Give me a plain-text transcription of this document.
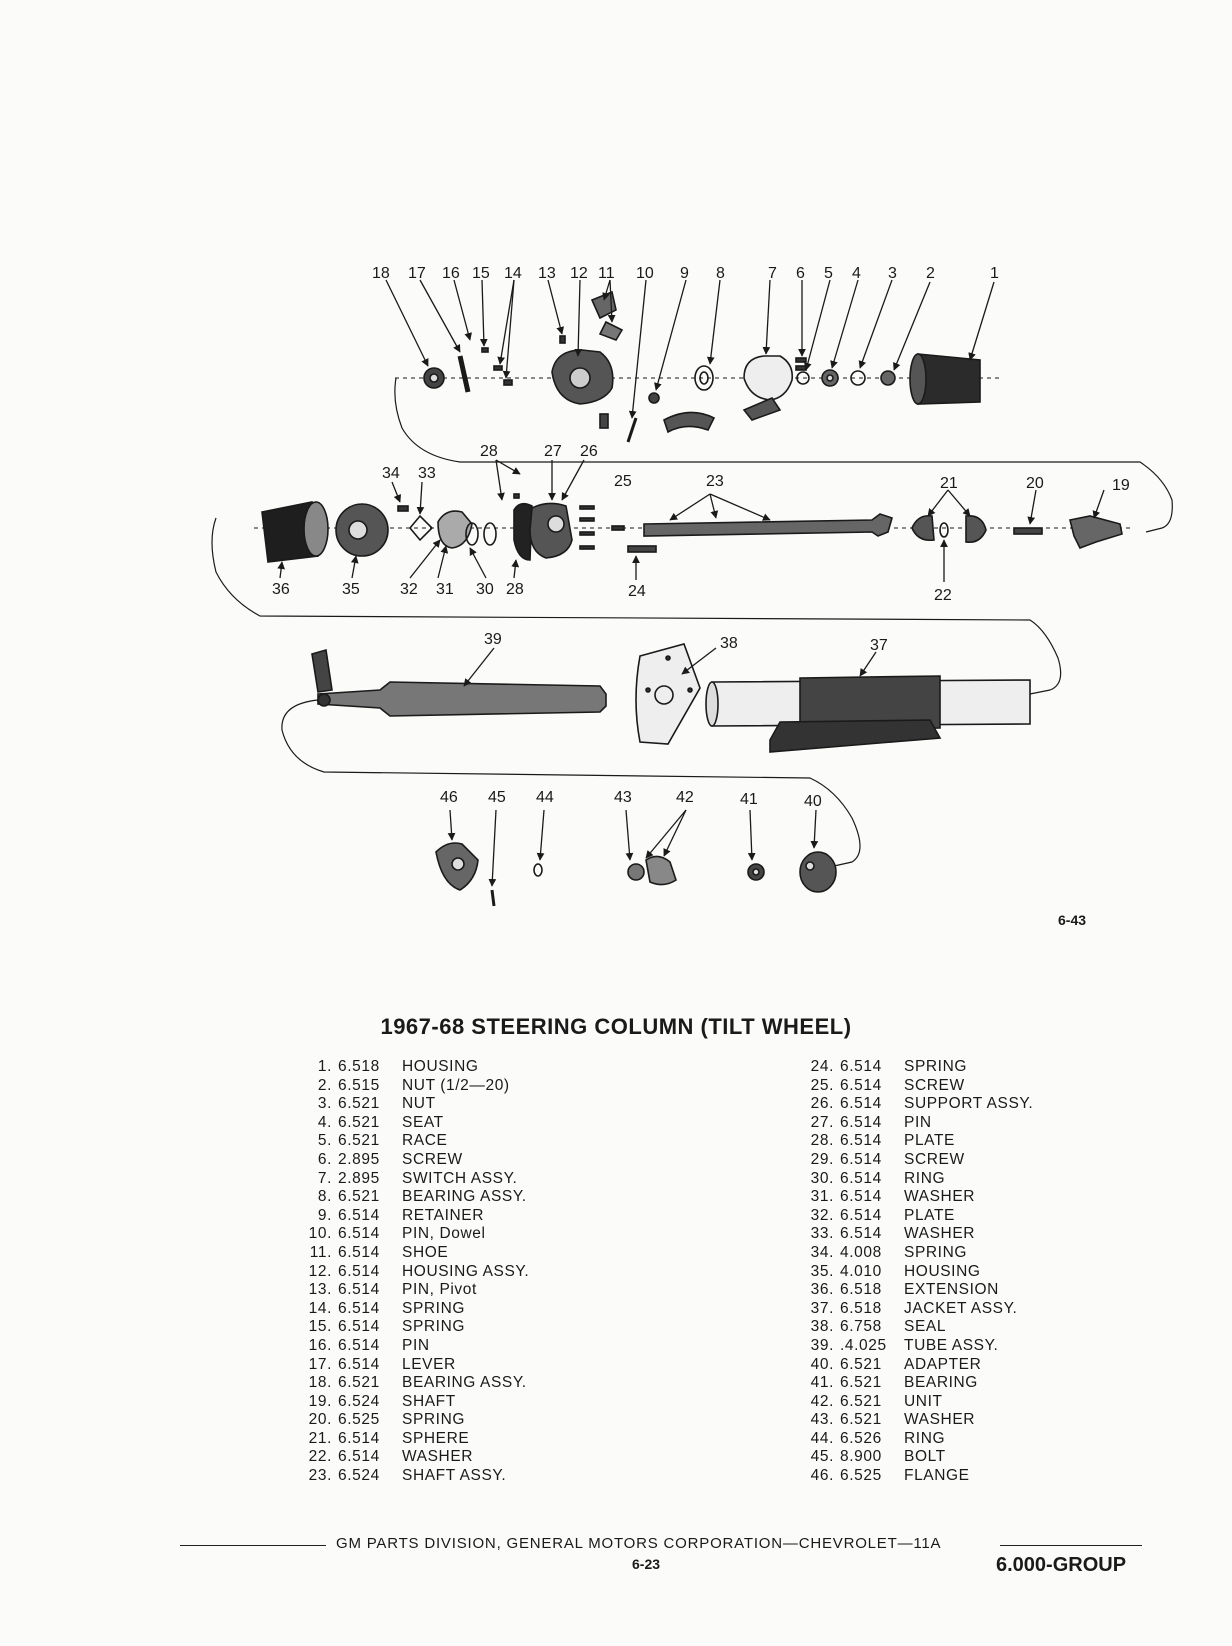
18 17 16 15 14 13 12 11 10 9 8	7 6 5 4 3 2	1
34 33
28	27 26
25	23	21	20	19
36	35	32 31 30 28	24	22
39	38	37
46 45 44	43	42	41	40
6-43
1967-68 STEERING COLUMN (TILT WHEEL)
1. 6.518	HOUSING
2. 6.515	NUT (1/2—20)
3. 6.521	NUT
4. 6.521	SEAT
5. 6.521	RACE
6. 2.895	SCREW
7. 2.895	SWITCH ASSY.
8. 6.521	BEARING ASSY.
9. 6.514	RETAINER
10. 6.514	PIN, Dowel
11. 6.514	SHOE
12. 6.514	HOUSING ASSY.
13. 6.514	PIN, Pivot
14. 6.514	SPRING
15. 6.514	SPRING
16. 6.514	PIN
17. 6.514	LEVER
18. 6.521	BEARING ASSY.
19. 6.524	SHAFT
20. 6.525	SPRING
21. 6.514	SPHERE
22. 6.514	WASHER
23. 6.524	SHAFT ASSY.
24. 6.514	SPRING
25. 6.514	SCREW
26. 6.514	SUPPORT ASSY.
27. 6.514	PIN
28. 6.514	PLATE
29. 6.514	SCREW
30. 6.514	RING
31. 6.514	WASHER
32. 6.514	PLATE
33. 6.514	WASHER
34. 4.008	SPRING
35. 4.010	HOUSING
36. 6.518	EXTENSION
37. 6.518	JACKET ASSY.
38. 6.758	SEAL
39. .4.025	TUBE ASSY.
40. 6.521	ADAPTER
41. 6.521	BEARING
42. 6.521	UNIT
43. 6.521	WASHER
44. 6.526	RING
45. 8.900	BOLT
46. 6.525	FLANGE
GM PARTS DIVISION, GENERAL MOTORS CORPORATION—CHEVROLET—11A
6-23	6.000-GROUP
